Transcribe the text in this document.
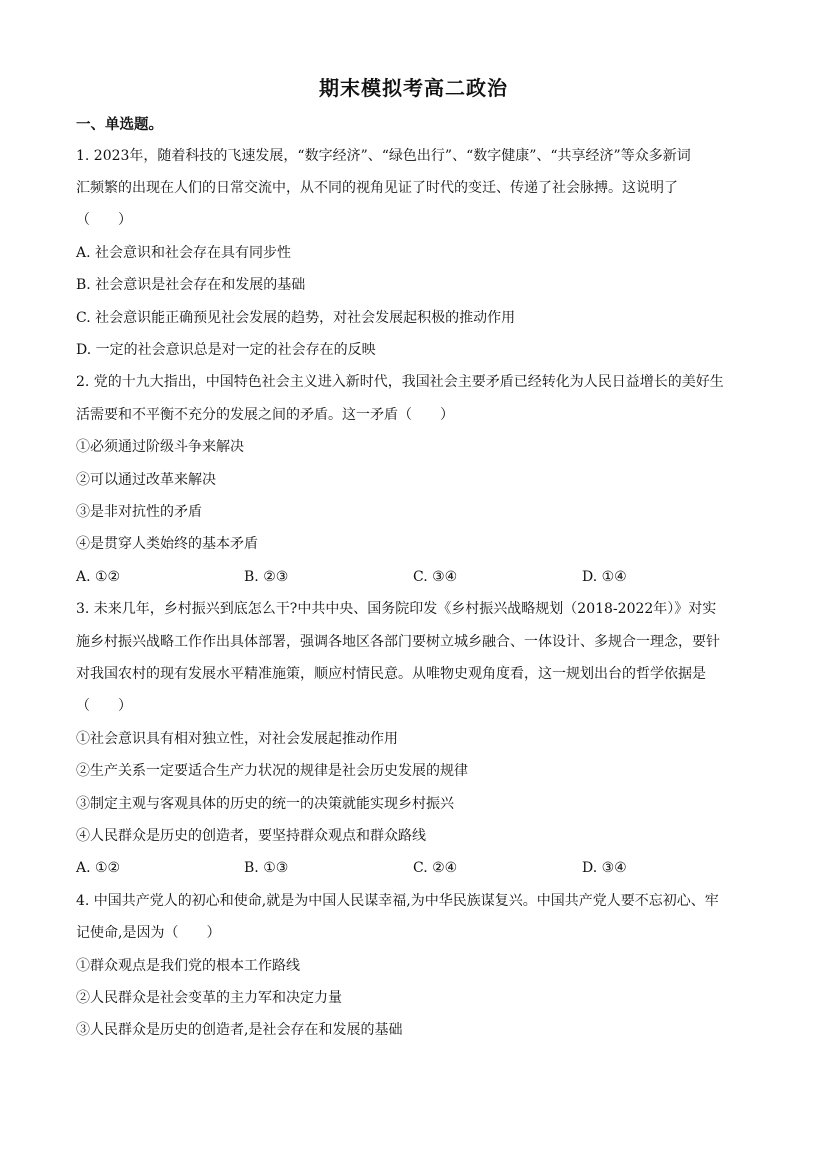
期末模拟考高二政治
一、单选题。
1. 2023年，随着科技的飞速发展，“数字经济”、“绿色出行”、“数字健康”、“共享经济”等众多新词
汇频繁的出现在人们的日常交流中，从不同的视角见证了时代的变迁、传递了社会脉搏。这说明了
（　　）
A. 社会意识和社会存在具有同步性
B. 社会意识是社会存在和发展的基础
C. 社会意识能正确预见社会发展的趋势，对社会发展起积极的推动作用
D. 一定的社会意识总是对一定的社会存在的反映
2. 党的十九大指出，中国特色社会主义进入新时代，我国社会主要矛盾已经转化为人民日益增长的美好生
活需要和不平衡不充分的发展之间的矛盾。这一矛盾（　　）
①必须通过阶级斗争来解决
②可以通过改革来解决
③是非对抗性的矛盾
④是贯穿人类始终的基本矛盾
A. ①②	B. ②③	C. ③④	D. ①④
3. 未来几年，乡村振兴到底怎么干?中共中央、国务院印发《乡村振兴战略规划（2018-2022年）》对实
施乡村振兴战略工作作出具体部署，强调各地区各部门要树立城乡融合、一体设计、多规合一理念，要针
对我国农村的现有发展水平精准施策，顺应村情民意。从唯物史观角度看，这一规划出台的哲学依据是
（　　）
①社会意识具有相对独立性，对社会发展起推动作用
②生产关系一定要适合生产力状况的规律是社会历史发展的规律
③制定主观与客观具体的历史的统一的决策就能实现乡村振兴
④人民群众是历史的创造者，要坚持群众观点和群众路线
A. ①②	B. ①③	C. ②④	D. ③④
4. 中国共产党人的初心和使命,就是为中国人民谋幸福,为中华民族谋复兴。中国共产党人要不忘初心、牢
记使命,是因为（　　）
①群众观点是我们党的根本工作路线
②人民群众是社会变革的主力军和决定力量
③人民群众是历史的创造者,是社会存在和发展的基础
